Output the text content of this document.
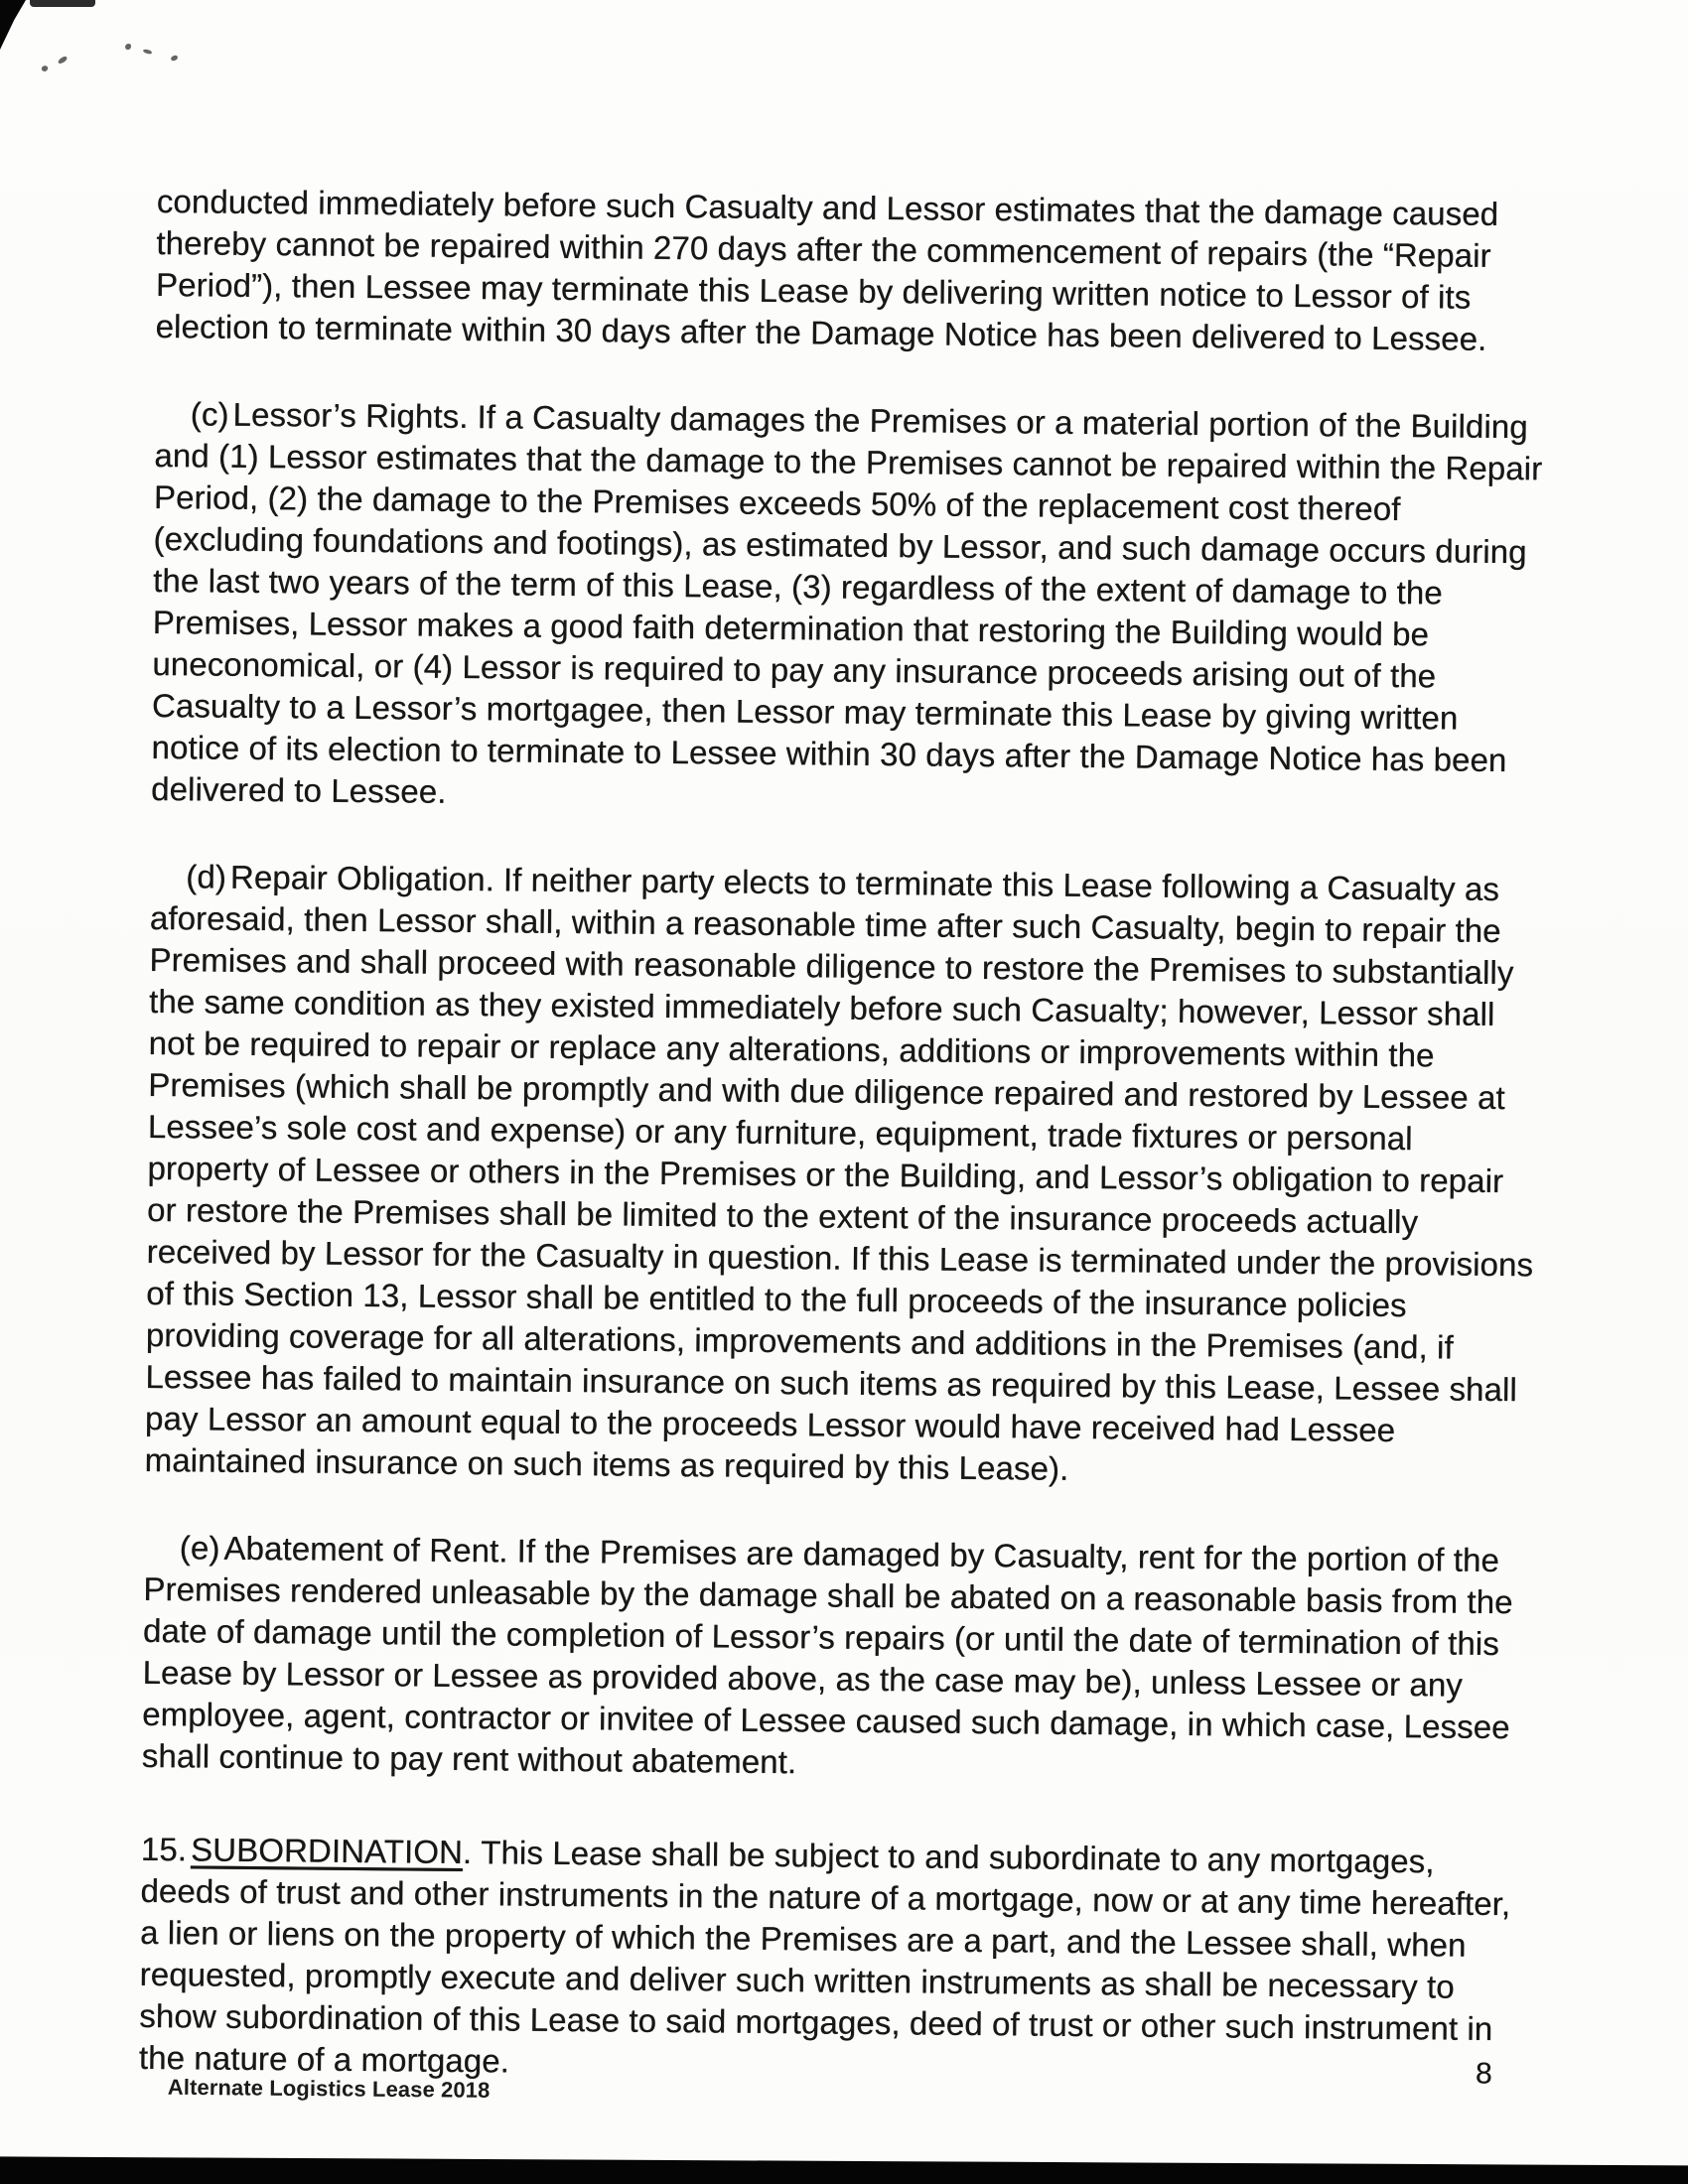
conducted immediately before such Casualty and Lessor estimates that the damage caused thereby cannot be repaired within 270 days after the commencement of repairs (the “Repair Period”), then Lessee may terminate this Lease by delivering written notice to Lessor of its election to terminate within 30 days after the Damage Notice has been delivered to Lessee.

(c) Lessor’s Rights. If a Casualty damages the Premises or a material portion of the Building and (1) Lessor estimates that the damage to the Premises cannot be repaired within the Repair Period, (2) the damage to the Premises exceeds 50% of the replacement cost thereof (excluding foundations and footings), as estimated by Lessor, and such damage occurs during the last two years of the term of this Lease, (3) regardless of the extent of damage to the Premises, Lessor makes a good faith determination that restoring the Building would be uneconomical, or (4) Lessor is required to pay any insurance proceeds arising out of the Casualty to a Lessor’s mortgagee, then Lessor may terminate this Lease by giving written notice of its election to terminate to Lessee within 30 days after the Damage Notice has been delivered to Lessee.

(d) Repair Obligation. If neither party elects to terminate this Lease following a Casualty as aforesaid, then Lessor shall, within a reasonable time after such Casualty, begin to repair the Premises and shall proceed with reasonable diligence to restore the Premises to substantially the same condition as they existed immediately before such Casualty; however, Lessor shall not be required to repair or replace any alterations, additions or improvements within the Premises (which shall be promptly and with due diligence repaired and restored by Lessee at Lessee’s sole cost and expense) or any furniture, equipment, trade fixtures or personal property of Lessee or others in the Premises or the Building, and Lessor’s obligation to repair or restore the Premises shall be limited to the extent of the insurance proceeds actually received by Lessor for the Casualty in question. If this Lease is terminated under the provisions of this Section 13, Lessor shall be entitled to the full proceeds of the insurance policies providing coverage for all alterations, improvements and additions in the Premises (and, if Lessee has failed to maintain insurance on such items as required by this Lease, Lessee shall pay Lessor an amount equal to the proceeds Lessor would have received had Lessee maintained insurance on such items as required by this Lease).

(e) Abatement of Rent. If the Premises are damaged by Casualty, rent for the portion of the Premises rendered unleasable by the damage shall be abated on a reasonable basis from the date of damage until the completion of Lessor’s repairs (or until the date of termination of this Lease by Lessor or Lessee as provided above, as the case may be), unless Lessee or any employee, agent, contractor or invitee of Lessee caused such damage, in which case, Lessee shall continue to pay rent without abatement.

15. SUBORDINATION. This Lease shall be subject to and subordinate to any mortgages, deeds of trust and other instruments in the nature of a mortgage, now or at any time hereafter, a lien or liens on the property of which the Premises are a part, and the Lessee shall, when requested, promptly execute and deliver such written instruments as shall be necessary to show subordination of this Lease to said mortgages, deed of trust or other such instrument in the nature of a mortgage.

Alternate Logistics Lease 2018	8
